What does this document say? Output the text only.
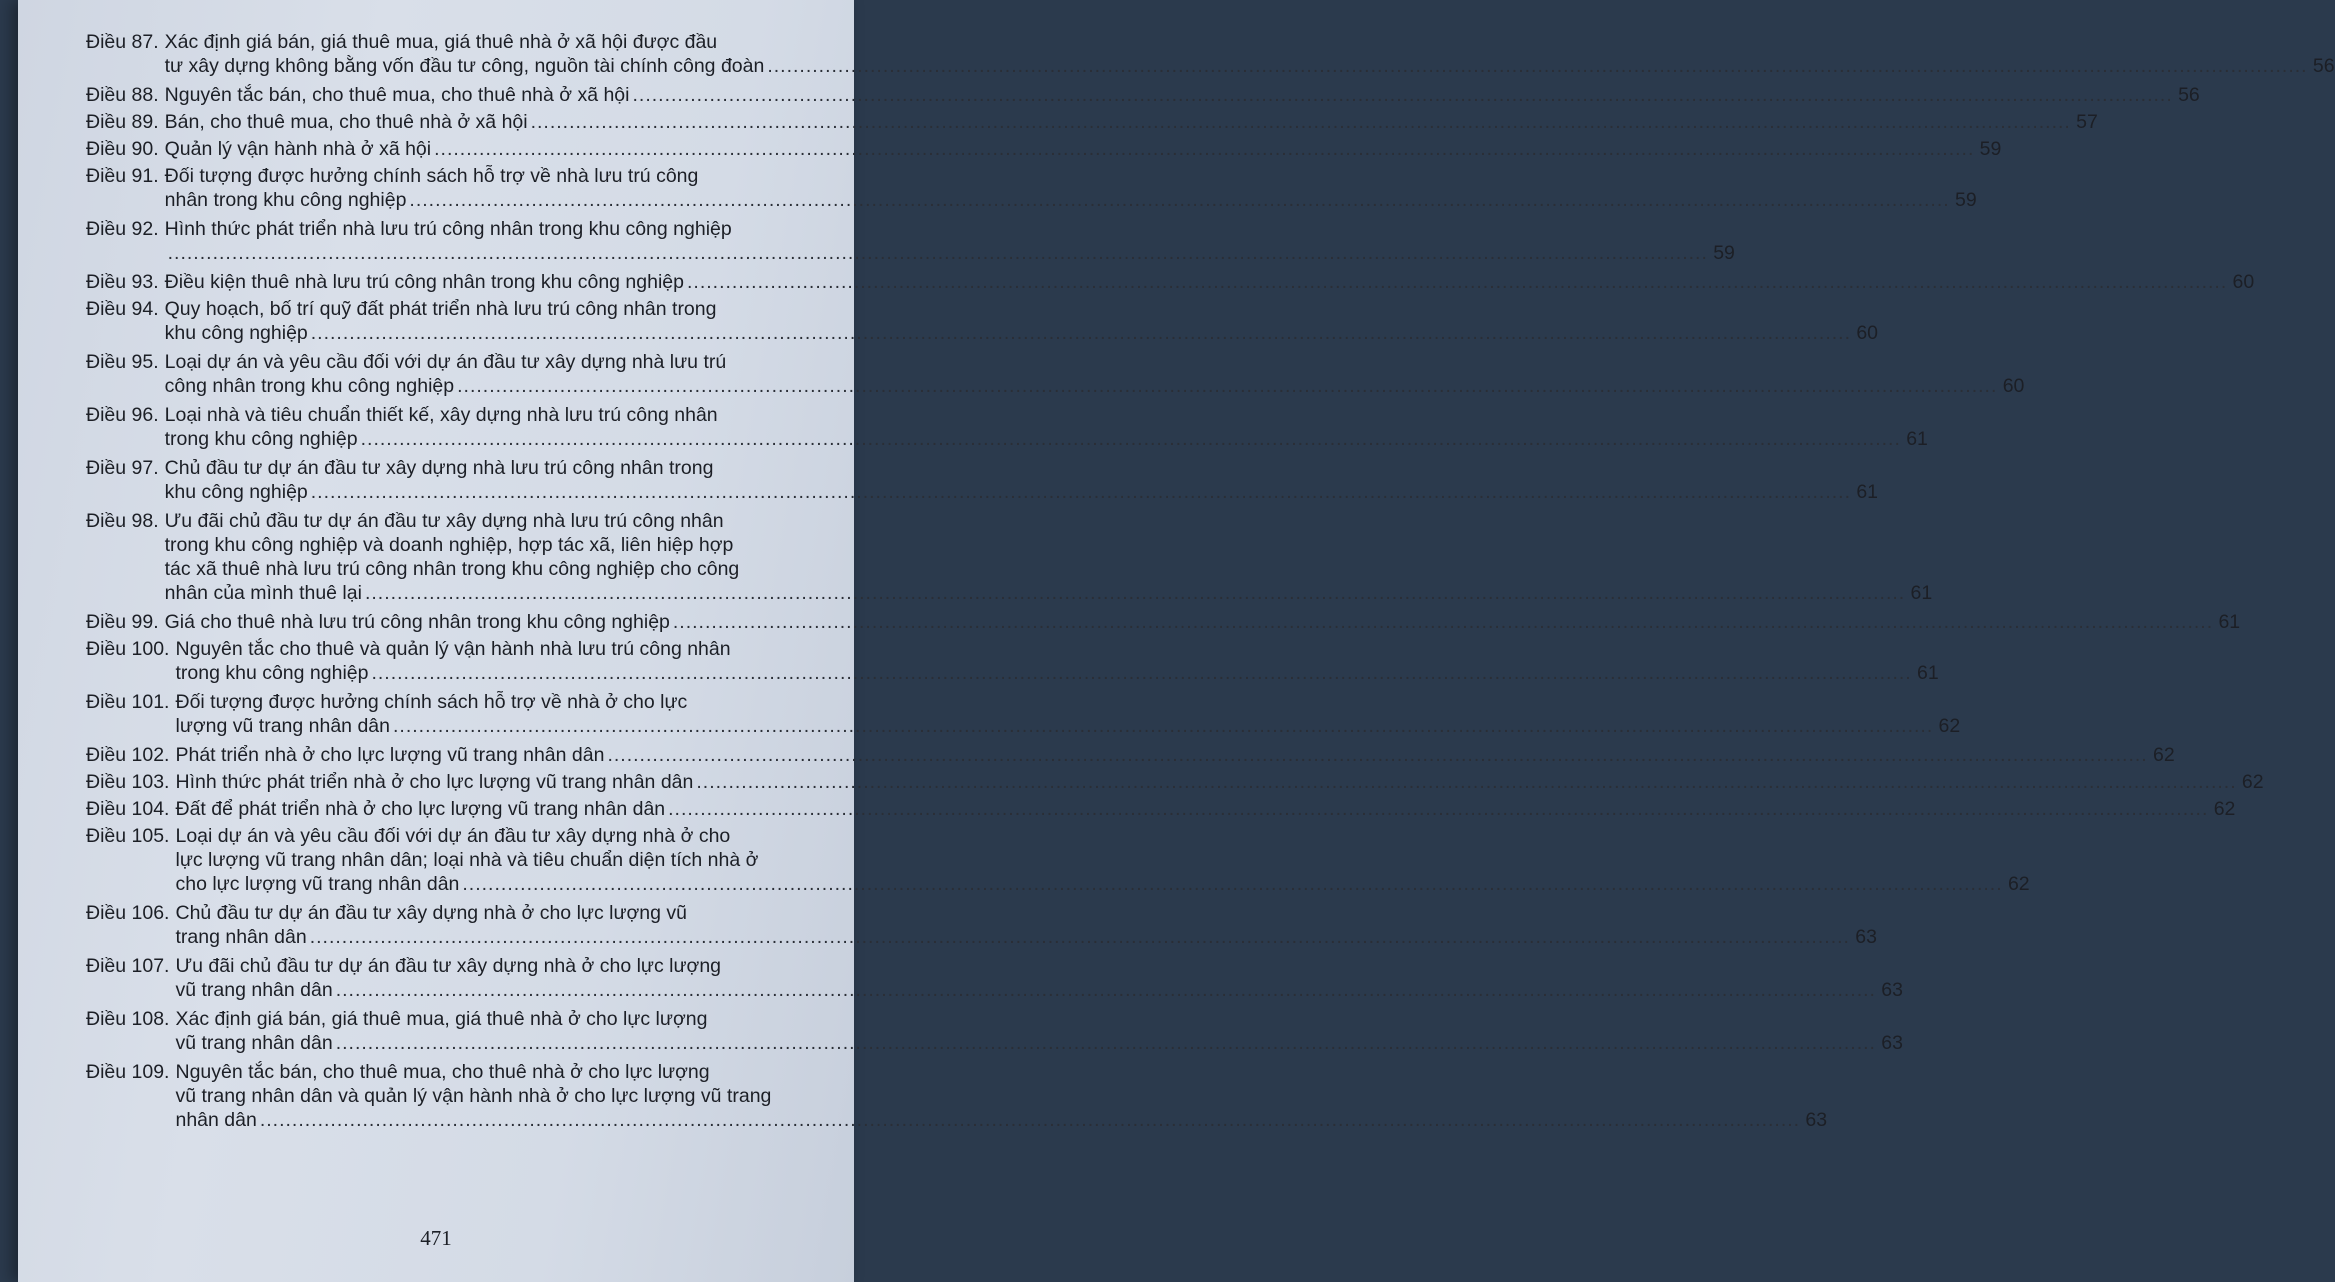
Điều 87. Xác định giá bán, giá thuê mua, giá thuê nhà ở xã hội được đầu
tư xây dựng không bằng vốn đầu tư công, nguồn tài chính công đoàn ................................................................................................................................................................................................................................................ 56
Điều 88. Nguyên tắc bán, cho thuê mua, cho thuê nhà ở xã hội ................................................................................................................................................................................................................................................ 56
Điều 89. Bán, cho thuê mua, cho thuê nhà ở xã hội ................................................................................................................................................................................................................................................ 57
Điều 90. Quản lý vận hành nhà ở xã hội ................................................................................................................................................................................................................................................ 59
Điều 91. Đối tượng được hưởng chính sách hỗ trợ về nhà lưu trú công
nhân trong khu công nghiệp ................................................................................................................................................................................................................................................ 59
Điều 92. Hình thức phát triển nhà lưu trú công nhân trong khu công nghiệp
................................................................................................................................................................................................................................................ 59
Điều 93. Điều kiện thuê nhà lưu trú công nhân trong khu công nghiệp ................................................................................................................................................................................................................................................ 60
Điều 94. Quy hoạch, bố trí quỹ đất phát triển nhà lưu trú công nhân trong
khu công nghiệp ................................................................................................................................................................................................................................................ 60
Điều 95. Loại dự án và yêu cầu đối với dự án đầu tư xây dựng nhà lưu trú
công nhân trong khu công nghiệp ................................................................................................................................................................................................................................................ 60
Điều 96. Loại nhà và tiêu chuẩn thiết kế, xây dựng nhà lưu trú công nhân
trong khu công nghiệp ................................................................................................................................................................................................................................................ 61
Điều 97. Chủ đầu tư dự án đầu tư xây dựng nhà lưu trú công nhân trong
khu công nghiệp ................................................................................................................................................................................................................................................ 61
Điều 98. Ưu đãi chủ đầu tư dự án đầu tư xây dựng nhà lưu trú công nhân
trong khu công nghiệp và doanh nghiệp, hợp tác xã, liên hiệp hợp
tác xã thuê nhà lưu trú công nhân trong khu công nghiệp cho công
nhân của mình thuê lại ................................................................................................................................................................................................................................................ 61
Điều 99. Giá cho thuê nhà lưu trú công nhân trong khu công nghiệp ................................................................................................................................................................................................................................................ 61
Điều 100. Nguyên tắc cho thuê và quản lý vận hành nhà lưu trú công nhân
trong khu công nghiệp ................................................................................................................................................................................................................................................ 61
Điều 101. Đối tượng được hưởng chính sách hỗ trợ về nhà ở cho lực
lượng vũ trang nhân dân ................................................................................................................................................................................................................................................ 62
Điều 102. Phát triển nhà ở cho lực lượng vũ trang nhân dân ................................................................................................................................................................................................................................................ 62
Điều 103. Hình thức phát triển nhà ở cho lực lượng vũ trang nhân dân ................................................................................................................................................................................................................................................ 62
Điều 104. Đất để phát triển nhà ở cho lực lượng vũ trang nhân dân ................................................................................................................................................................................................................................................ 62
Điều 105. Loại dự án và yêu cầu đối với dự án đầu tư xây dựng nhà ở cho
lực lượng vũ trang nhân dân; loại nhà và tiêu chuẩn diện tích nhà ở
cho lực lượng vũ trang nhân dân ................................................................................................................................................................................................................................................ 62
Điều 106. Chủ đầu tư dự án đầu tư xây dựng nhà ở cho lực lượng vũ
trang nhân dân ................................................................................................................................................................................................................................................ 63
Điều 107. Ưu đãi chủ đầu tư dự án đầu tư xây dựng nhà ở cho lực lượng
vũ trang nhân dân ................................................................................................................................................................................................................................................ 63
Điều 108. Xác định giá bán, giá thuê mua, giá thuê nhà ở cho lực lượng
vũ trang nhân dân ................................................................................................................................................................................................................................................ 63
Điều 109. Nguyên tắc bán, cho thuê mua, cho thuê nhà ở cho lực lượng
vũ trang nhân dân và quản lý vận hành nhà ở cho lực lượng vũ trang
nhân dân ................................................................................................................................................................................................................................................ 63
471
